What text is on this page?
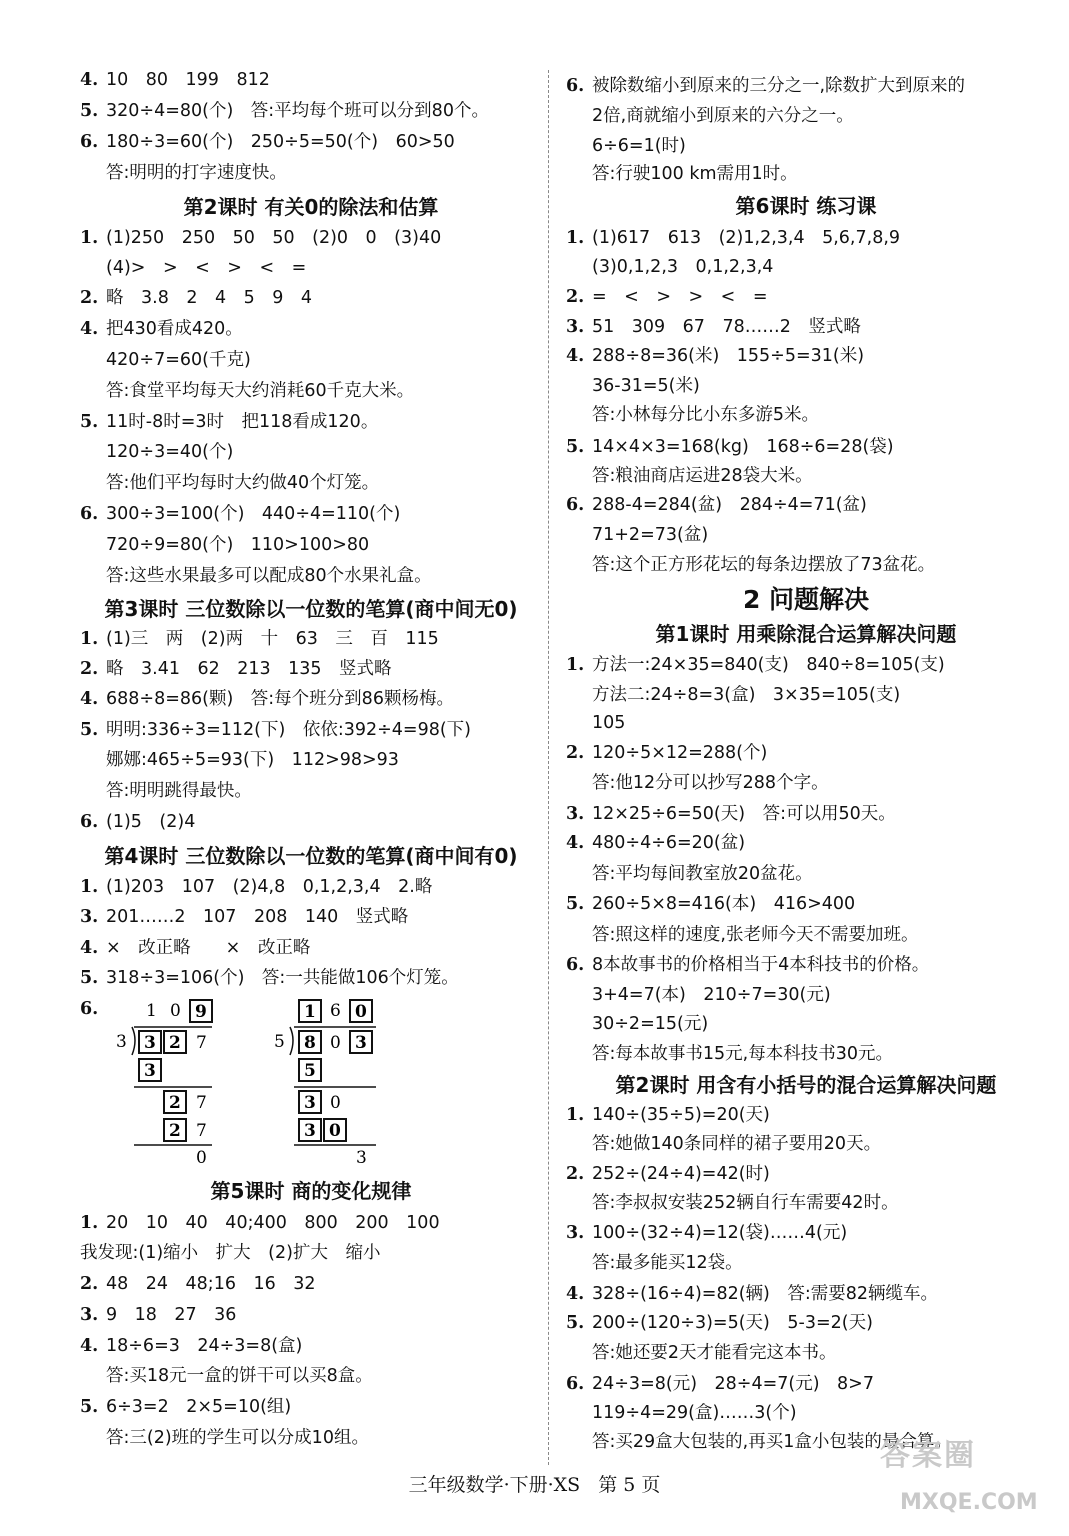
4. 10　80　199　812
5. 320÷4=80(个)　答:平均每个班可以分到80个。
6. 180÷3=60(个)　250÷5=50(个)　60>50
答:明明的打字速度快。
第2课时 有关0的除法和估算
1. (1)250　250　50　50　(2)0　0　(3)40
(4)>　>　<　>　<　=
2. 略　3.8　2　4　5　9　4
4. 把430看成420。
420÷7=60(千克)
答:食堂平均每天大约消耗60千克大米。
5. 11时-8时=3时　把118看成120。
120÷3=40(个)
答:他们平均每时大约做40个灯笼。
6. 300÷3=100(个)　440÷4=110(个)
720÷9=80(个)　110>100>80
答:这些水果最多可以配成80个水果礼盒。
第3课时 三位数除以一位数的笔算(商中间无0)
1. (1)三　两　(2)两　十　63　三　百　115
2. 略　3.41　62　213　135　竖式略
4. 688÷8=86(颗)　答:每个班分到86颗杨梅。
5. 明明:336÷3=112(下)　依依:392÷4=98(下)
娜娜:465÷5=93(下)　112>98>93
答:明明跳得最快。
6. (1)5　(2)4
第4课时 三位数除以一位数的笔算(商中间有0)
1. (1)203　107　(2)4,8　0,1,2,3,4　2.略
3. 201……2　107　208　140　竖式略
4. ×　改正略　　×　改正略
5. 318÷3=106(个)　答:一共能做106个灯笼。
6.
第5课时 商的变化规律
1. 20　10　40　40;400　800　200　100
我发现:(1)缩小　扩大　(2)扩大　缩小
2. 48　24　48;16　16　32
3. 9　18　27　36
4. 18÷6=3　24÷3=8(盒)
答:买18元一盒的饼干可以买8盒。
5. 6÷3=2　2×5=10(组)
答:三(2)班的学生可以分成10组。
6. 被除数缩小到原来的三分之一,除数扩大到原来的
2倍,商就缩小到原来的六分之一。
6÷6=1(时)
答:行驶100 km需用1时。
第6课时 练习课
1. (1)617　613　(2)1,2,3,4　5,6,7,8,9
(3)0,1,2,3　0,1,2,3,4
2. =　<　>　>　<　=
3. 51　309　67　78……2　竖式略
4. 288÷8=36(米)　155÷5=31(米)
36-31=5(米)
答:小林每分比小东多游5米。
5. 14×4×3=168(kg)　168÷6=28(袋)
答:粮油商店运进28袋大米。
6. 288-4=284(盆)　284÷4=71(盆)
71+2=73(盆)
答:这个正方形花坛的每条边摆放了73盆花。
2 问题解决
第1课时 用乘除混合运算解决问题
1. 方法一:24×35=840(支)　840÷8=105(支)
方法二:24÷8=3(盒)　3×35=105(支)
105
2. 120÷5×12=288(个)
答:他12分可以抄写288个字。
3. 12×25÷6=50(天)　答:可以用50天。
4. 480÷4÷6=20(盆)
答:平均每间教室放20盆花。
5. 260÷5×8=416(本)　416>400
答:照这样的速度,张老师今天不需要加班。
6. 8本故事书的价格相当于4本科技书的价格。
3+4=7(本)　210÷7=30(元)
30÷2=15(元)
答:每本故事书15元,每本科技书30元。
第2课时 用含有小括号的混合运算解决问题
1. 140÷(35÷5)=20(天)
答:她做140条同样的裙子要用20天。
2. 252÷(24÷4)=42(时)
答:李叔叔安装252辆自行车需要42时。
3. 100÷(32÷4)=12(袋)……4(元)
答:最多能买12袋。
4. 328÷(16÷4)=82(辆)　答:需要82辆缆车。
5. 200÷(120÷3)=5(天)　5-3=2(天)
答:她还要2天才能看完这本书。
6. 24÷3=8(元)　28÷4=7(元)　8>7
119÷4=29(盒)……3(个)
答:买29盒大包装的,再买1盒小包装的最合算。
1 0 9
3 3 2 7
3
2 7
2 7
0
1 6 0
5 8 0 3
5
3 0
3 0
3
三年级数学·下册·XS 第 5 页
答案圈
MXQE.COM
